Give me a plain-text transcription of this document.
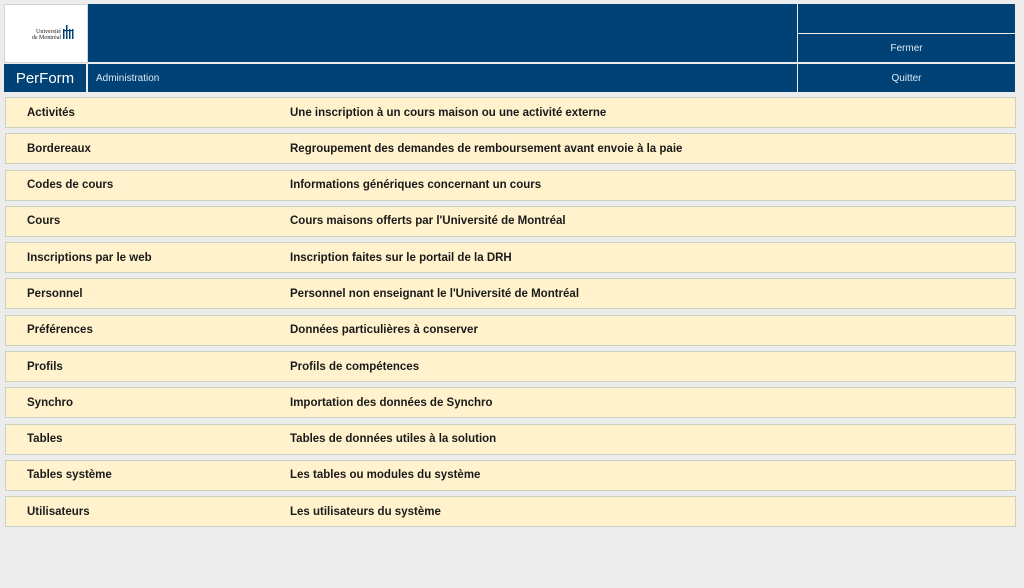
Université
de Montréal
Fermer
PerForm	Administration	Quitter
Activités	Une inscription à un cours maison ou une activité externe
Bordereaux	Regroupement des demandes de remboursement avant envoie à la paie
Codes de cours	Informations génériques concernant un cours
Cours	Cours maisons offerts par l'Université de Montréal
Inscriptions par le web	Inscription faites sur le portail de la DRH
Personnel	Personnel non enseignant le l'Université de Montréal
Préférences	Données particulières à conserver
Profils	Profils de compétences
Synchro	Importation des données de Synchro
Tables	Tables de données utiles à la solution
Tables système	Les tables ou modules du système
Utilisateurs	Les utilisateurs du système
